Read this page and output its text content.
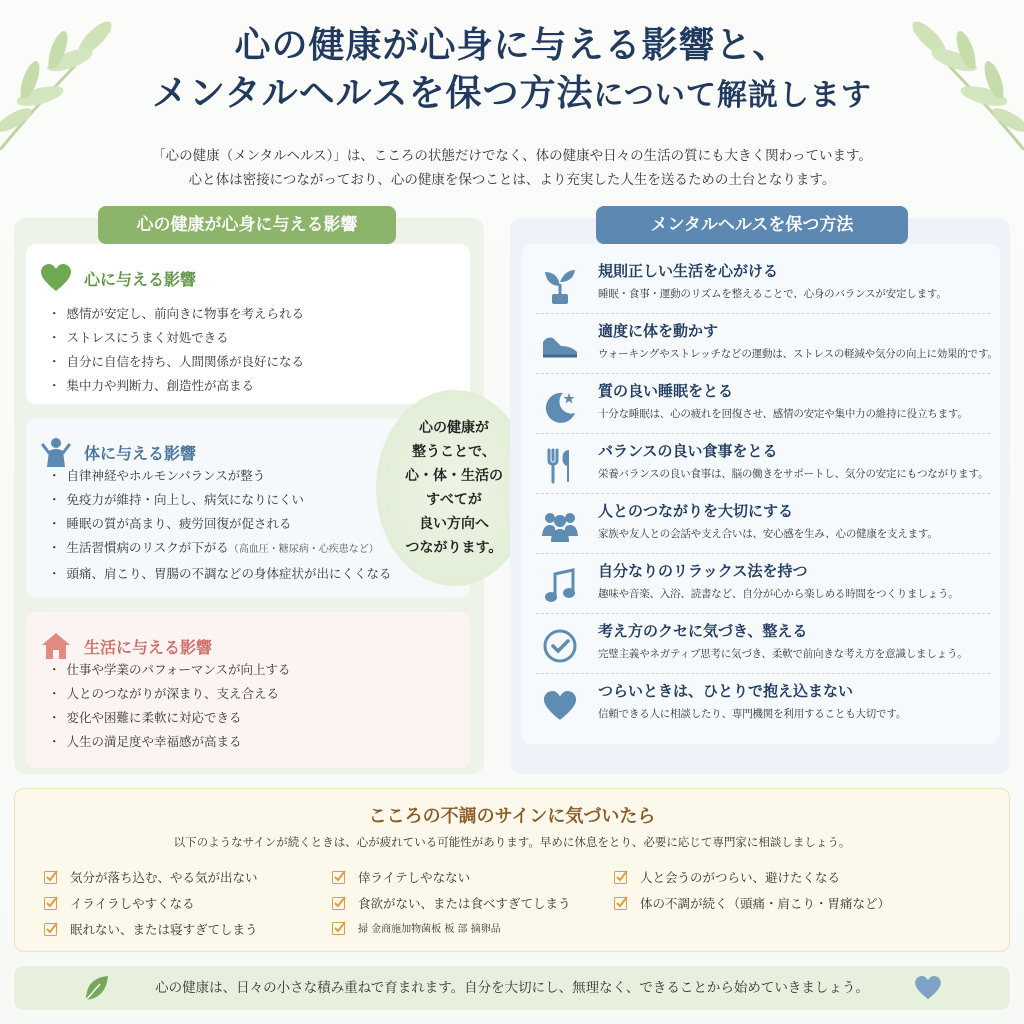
心の健康が心身に与える影響と、
メンタルヘルスを保つ方法について解説します
「心の健康（メンタルヘルス）」は、こころの状態だけでなく、体の健康や日々の生活の質にも大きく関わっています。
心と体は密接につながっており、心の健康を保つことは、より充実した人生を送るための土台となります。
心の健康が心身に与える影響
心に与える影響
・ 感情が安定し、前向きに物事を考えられる
・ ストレスにうまく対処できる
・ 自分に自信を持ち、人間関係が良好になる
・ 集中力や判断力、創造性が高まる
体に与える影響
・ 自律神経やホルモンバランスが整う
・ 免疫力が維持・向上し、病気になりにくい
・ 睡眠の質が高まり、疲労回復が促される
・ 生活習慣病のリスクが下がる（高血圧・糖尿病・心疾患など）
・ 頭痛、肩こり、胃腸の不調などの身体症状が出にくくなる
生活に与える影響
・ 仕事や学業のパフォーマンスが向上する
・ 人とのつながりが深まり、支え合える
・ 変化や困難に柔軟に対応できる
・ 人生の満足度や幸福感が高まる
心の健康が
整うことで、
心・体・生活の
すべてが
良い方向へ
つながります。
メンタルヘルスを保つ方法
規則正しい生活を心がける
睡眠・食事・運動のリズムを整えることで、心身のバランスが安定します。
適度に体を動かす
ウォーキングやストレッチなどの運動は、ストレスの軽減や気分の向上に効果的です。
質の良い睡眠をとる
十分な睡眠は、心の疲れを回復させ、感情の安定や集中力の維持に役立ちます。
バランスの良い食事をとる
栄養バランスの良い食事は、脳の働きをサポートし、気分の安定にもつながります。
人とのつながりを大切にする
家族や友人との会話や支え合いは、安心感を生み、心の健康を支えます。
自分なりのリラックス法を持つ
趣味や音楽、入浴、読書など、自分が心から楽しめる時間をつくりましょう。
考え方のクセに気づき、整える
完璧主義やネガティブ思考に気づき、柔軟で前向きな考え方を意識しましょう。
つらいときは、ひとりで抱え込まない
信頼できる人に相談したり、専門機関を利用することも大切です。
こころの不調のサインに気づいたら
以下のようなサインが続くときは、心が疲れている可能性があります。早めに休息をとり、必要に応じて専門家に相談しましょう。
気分が落ち込む、やる気が出ない
イライラしやすくなる
眠れない、または寝すぎてしまう
倖ライテしやなない
食欲がない、または食べすぎてしまう
掃 金商施加物菌板 板 部 摘卵品
人と会うのがつらい、避けたくなる
体の不調が続く（頭痛・肩こり・胃痛など）
心の健康は、日々の小さな積み重ねで育まれます。自分を大切にし、無理なく、できることから始めていきましょう。
